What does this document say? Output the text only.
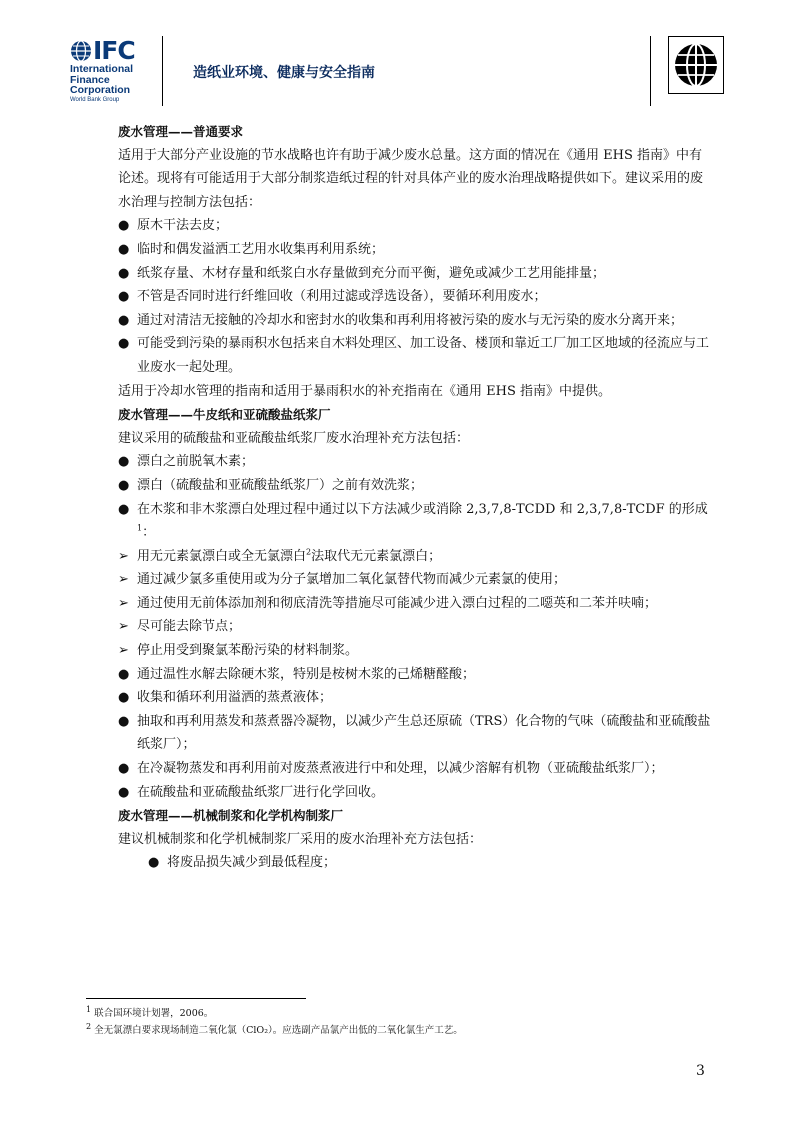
IFC
International
Finance
Corporation
World Bank Group
造纸业环境、健康与安全指南

废水管理——普通要求

适用于大部分产业设施的节水战略也许有助于减少废水总量。这方面的情况在《通用 EHS 指南》中有论述。现将有可能适用于大部分制浆造纸过程的针对具体产业的废水治理战略提供如下。建议采用的废水治理与控制方法包括：

●
原木干法去皮；
●
临时和偶发溢洒工艺用水收集再利用系统；
●
纸浆存量、木材存量和纸浆白水存量做到充分而平衡，避免或减少工艺用能排量；
●
不管是否同时进行纤维回收（利用过滤或浮选设备），要循环利用废水；
●
通过对清洁无接触的冷却水和密封水的收集和再利用将被污染的废水与无污染的废水分离开来；
●
可能受到污染的暴雨积水包括来自木料处理区、加工设备、楼顶和靠近工厂加工区地域的径流应与工业废水一起处理。

适用于冷却水管理的指南和适用于暴雨积水的补充指南在《通用 EHS 指南》中提供。

废水管理——牛皮纸和亚硫酸盐纸浆厂

建议采用的硫酸盐和亚硫酸盐纸浆厂废水治理补充方法包括：

●
漂白之前脱氧木素；
●
漂白（硫酸盐和亚硫酸盐纸浆厂）之前有效洗浆；
●
在木浆和非木浆漂白处理过程中通过以下方法减少或消除 2,3,7,8-TCDD 和 2,3,7,8-TCDF 的形成$^1$：
➢
用无元素氯漂白或全无氯漂白$^2$法取代无元素氯漂白；
➢
通过减少氯多重使用或为分子氯增加二氧化氯替代物而减少元素氯的使用；
➢
通过使用无前体添加剂和彻底清洗等措施尽可能减少进入漂白过程的二噁英和二苯并呋喃；
➢
尽可能去除节点；
➢
停止用受到聚氯苯酚污染的材料制浆。
●
通过温性水解去除硬木浆，特别是桉树木浆的己烯糖醛酸；
●
收集和循环利用溢洒的蒸煮液体；
●
抽取和再利用蒸发和蒸煮器冷凝物，以减少产生总还原硫（TRS）化合物的气味（硫酸盐和亚硫酸盐纸浆厂）；
●
在冷凝物蒸发和再利用前对废蒸煮液进行中和处理，以减少溶解有机物（亚硫酸盐纸浆厂）；
●
在硫酸盐和亚硫酸盐纸浆厂进行化学回收。

废水管理——机械制浆和化学机构制浆厂

建议机械制浆和化学机械制浆厂采用的废水治理补充方法包括：

●
将废品损失减少到最低程度；

$^1$ 联合国环境计划署，2006。

$^2$ 全无氯漂白要求现场制造二氧化氯（ClO₂）。应选副产品氯产出低的二氧化氯生产工艺。

3
